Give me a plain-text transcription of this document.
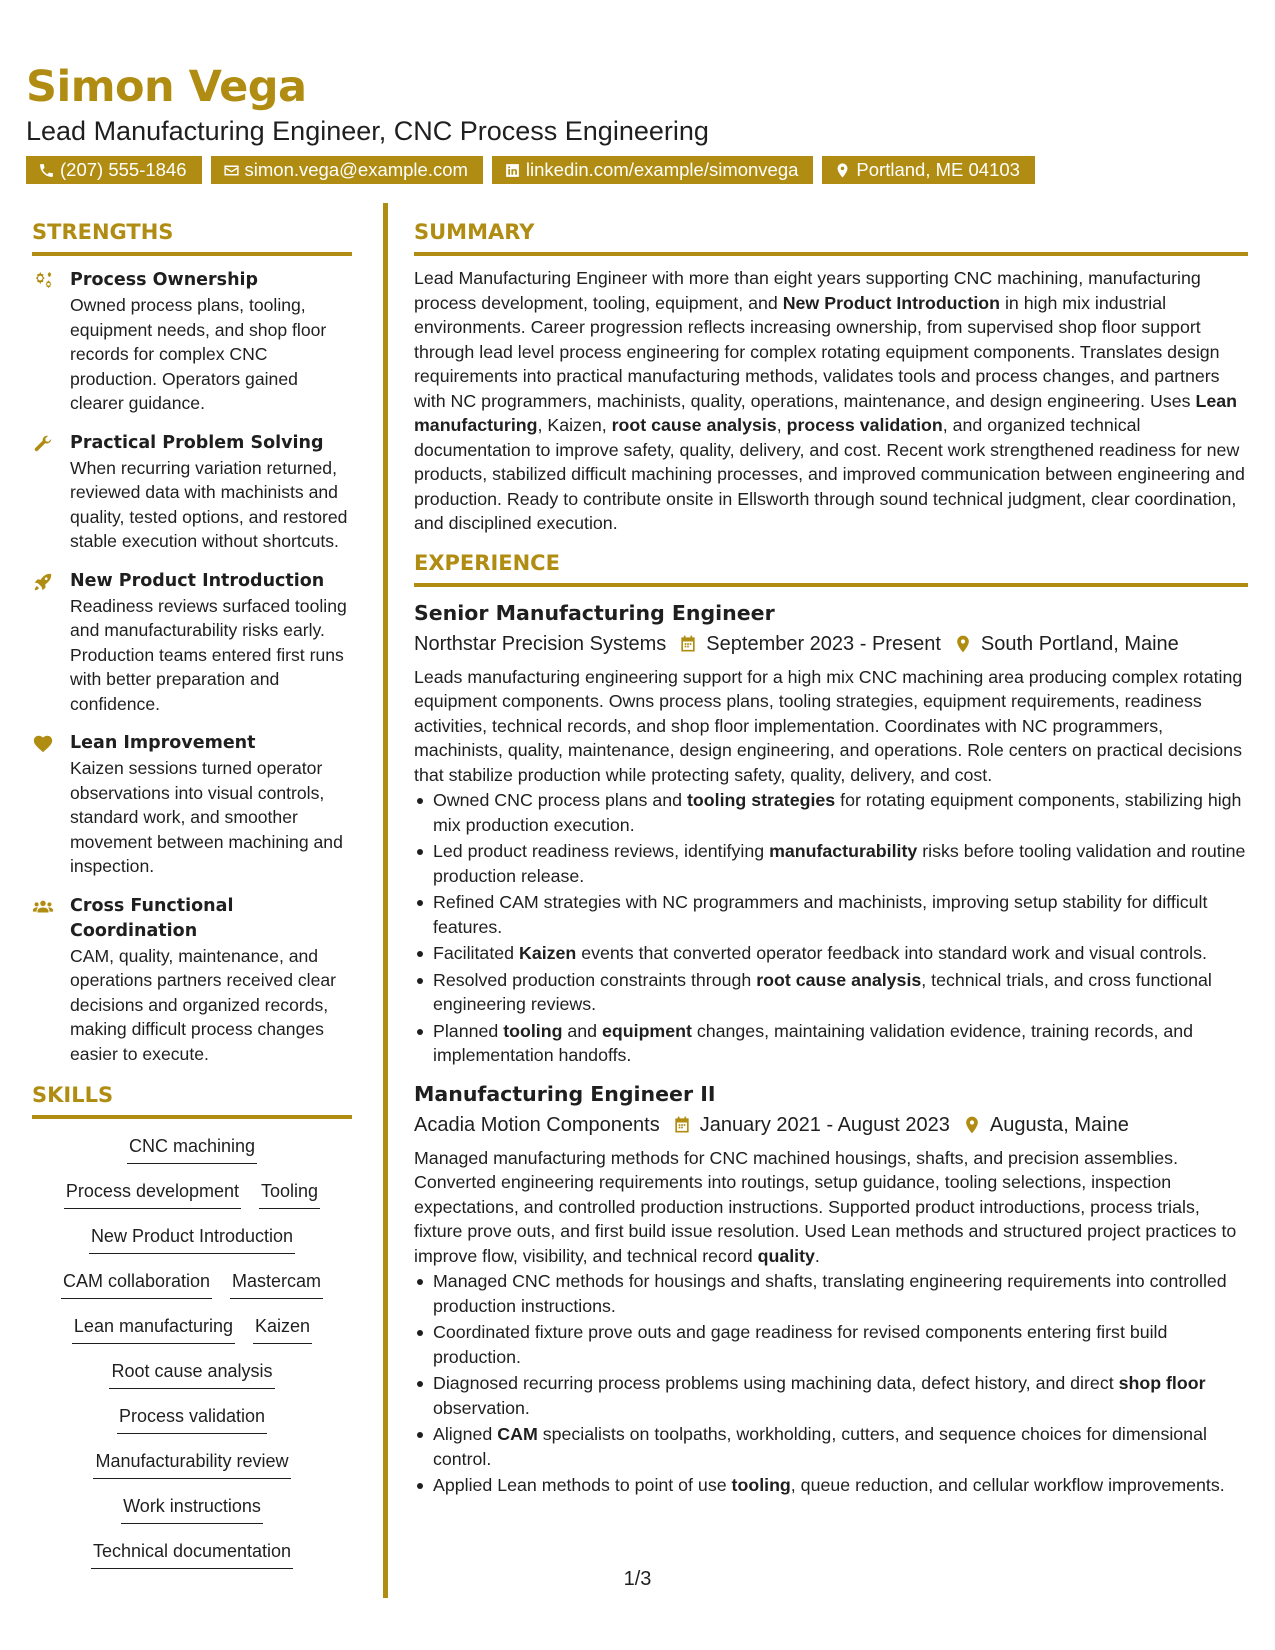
Simon Vega
Lead Manufacturing Engineer, CNC Process Engineering
(207) 555-1846	simon.vega@example.com	linkedin.com/example/simonvega	Portland, ME 04103
STRENGTHS
Process Ownership
Owned process plans, tooling, equipment needs, and shop floor records for complex CNC production. Operators gained clearer guidance.
Practical Problem Solving
When recurring variation returned, reviewed data with machinists and quality, tested options, and restored stable execution without shortcuts.
New Product Introduction
Readiness reviews surfaced tooling and manufacturability risks early. Production teams entered first runs with better preparation and confidence.
Lean Improvement
Kaizen sessions turned operator observations into visual controls, standard work, and smoother movement between machining and inspection.
Cross Functional Coordination
CAM, quality, maintenance, and operations partners received clear decisions and organized records, making difficult process changes easier to execute.
SKILLS
CNC machining
Process development Tooling
New Product Introduction
CAM collaboration Mastercam
Lean manufacturing Kaizen
Root cause analysis
Process validation
Manufacturability review
Work instructions
Technical documentation
SUMMARY
Lead Manufacturing Engineer with more than eight years supporting CNC machining, manufacturing process development, tooling, equipment, and New Product Introduction in high mix industrial environments. Career progression reflects increasing ownership, from supervised shop floor support through lead level process engineering for complex rotating equipment components. Translates design requirements into practical manufacturing methods, validates tools and process changes, and partners with NC programmers, machinists, quality, operations, maintenance, and design engineering. Uses Lean manufacturing, Kaizen, root cause analysis, process validation, and organized technical documentation to improve safety, quality, delivery, and cost. Recent work strengthened readiness for new products, stabilized difficult machining processes, and improved communication between engineering and production. Ready to contribute onsite in Ellsworth through sound technical judgment, clear coordination, and disciplined execution.
EXPERIENCE
Senior Manufacturing Engineer
Northstar Precision Systems September 2023 - Present South Portland, Maine
Leads manufacturing engineering support for a high mix CNC machining area producing complex rotating equipment components. Owns process plans, tooling strategies, equipment requirements, readiness activities, technical records, and shop floor implementation. Coordinates with NC programmers, machinists, quality, maintenance, design engineering, and operations. Role centers on practical decisions that stabilize production while protecting safety, quality, delivery, and cost.
Owned CNC process plans and tooling strategies for rotating equipment components, stabilizing high mix production execution.
Led product readiness reviews, identifying manufacturability risks before tooling validation and routine production release.
Refined CAM strategies with NC programmers and machinists, improving setup stability for difficult features.
Facilitated Kaizen events that converted operator feedback into standard work and visual controls.
Resolved production constraints through root cause analysis, technical trials, and cross functional engineering reviews.
Planned tooling and equipment changes, maintaining validation evidence, training records, and implementation handoffs.
Manufacturing Engineer II
Acadia Motion Components January 2021 - August 2023 Augusta, Maine
Managed manufacturing methods for CNC machined housings, shafts, and precision assemblies. Converted engineering requirements into routings, setup guidance, tooling selections, inspection expectations, and controlled production instructions. Supported product introductions, process trials, fixture prove outs, and first build issue resolution. Used Lean methods and structured project practices to improve flow, visibility, and technical record quality.
Managed CNC methods for housings and shafts, translating engineering requirements into controlled production instructions.
Coordinated fixture prove outs and gage readiness for revised components entering first build production.
Diagnosed recurring process problems using machining data, defect history, and direct shop floor observation.
Aligned CAM specialists on toolpaths, workholding, cutters, and sequence choices for dimensional control.
Applied Lean methods to point of use tooling, queue reduction, and cellular workflow improvements.
1/3
